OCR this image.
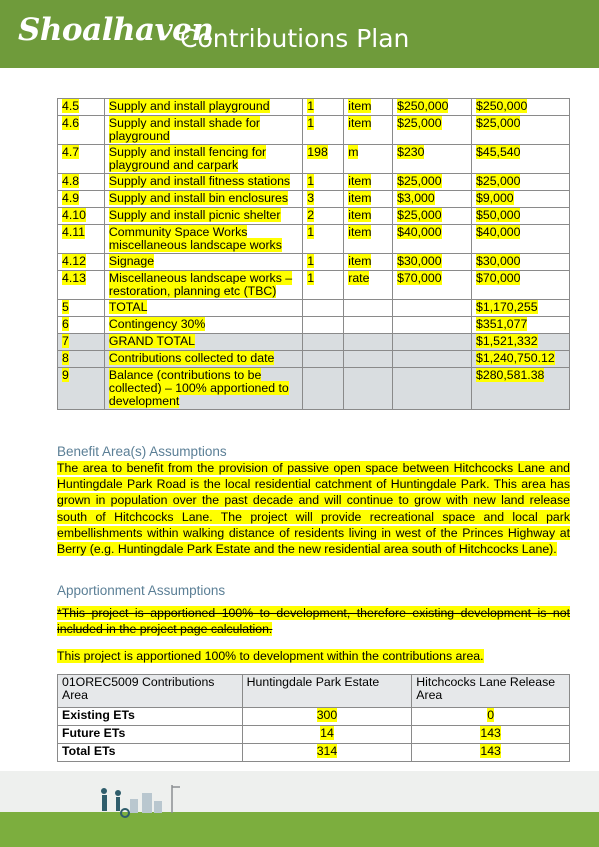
Shoalhaven
Contributions Plan
4.5	Supply and install playground	1	item	$250,000	$250,000
4.6	Supply and install shade for playground	1	item	$25,000	$25,000
4.7	Supply and install fencing for playground and carpark	198	m	$230	$45,540
4.8	Supply and install fitness stations	1	item	$25,000	$25,000
4.9	Supply and install bin enclosures	3	item	$3,000	$9,000
4.10	Supply and install picnic shelter	2	item	$25,000	$50,000
4.11	Community Space Works miscellaneous landscape works	1	item	$40,000	$40,000
4.12	Signage	1	item	$30,000	$30,000
4.13	Miscellaneous landscape works – restoration, planning etc (TBC)	1	rate	$70,000	$70,000
5	TOTAL				$1,170,255
6	Contingency 30%				$351,077
7	GRAND TOTAL				$1,521,332
8	Contributions collected to date				$1,240,750.12
9	Balance (contributions to be collected) – 100% apportioned to development				$280,581.38
Benefit Area(s) Assumptions

The area to benefit from the provision of passive open space between Hitchcocks Lane and Huntingdale Park Road is the local residential catchment of Huntingdale Park. This area has grown in population over the past decade and will continue to grow with new land release south of Hitchcocks Lane. The project will provide recreational space and local park embellishments within walking distance of residents living in west of the Princes Highway at Berry (e.g. Huntingdale Park Estate and the new residential area south of Hitchcocks Lane).

Apportionment Assumptions

*This project is apportioned 100% to development, therefore existing development is not included in the project page calculation.

This project is apportioned 100% to development within the contributions area.

01OREC5009 Contributions Area	Huntingdale Park Estate	Hitchcocks Lane Release Area
Existing ETs	300	0
Future ETs	14	143
Total ETs	314	143
